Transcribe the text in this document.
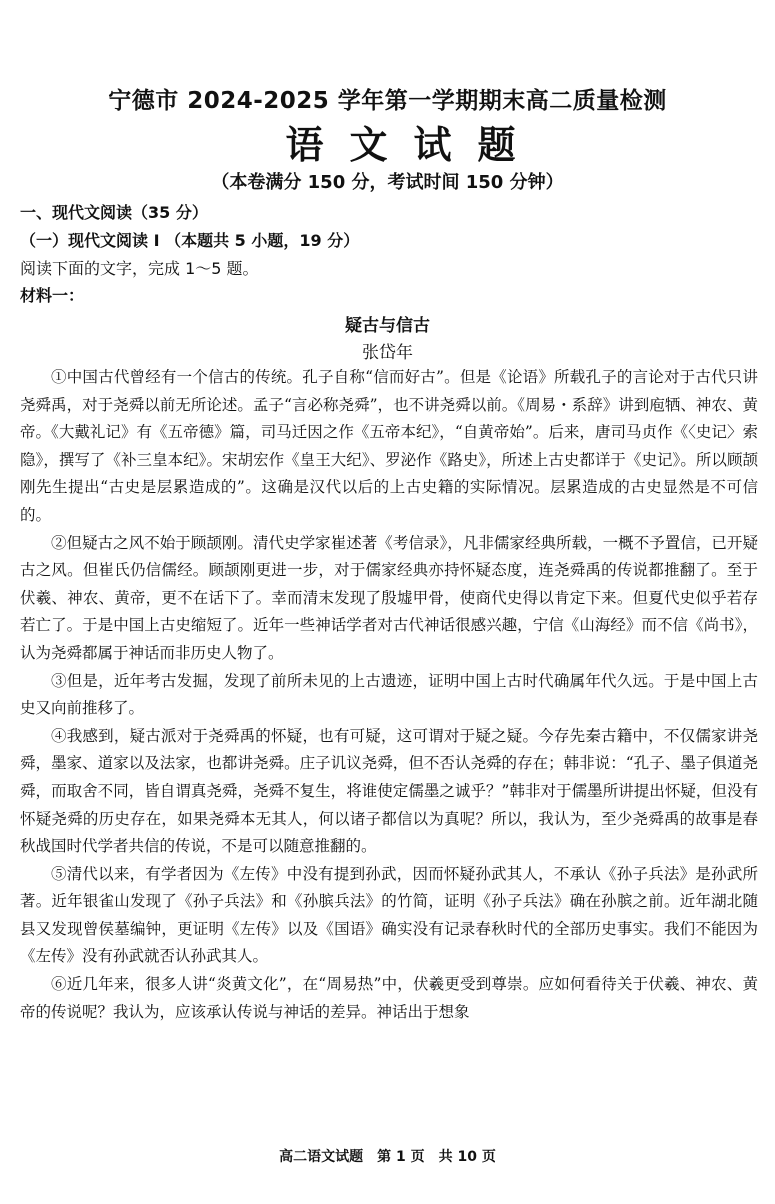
宁德市 2024-2025 学年第一学期期末高二质量检测
语文试题
（本卷满分 150 分，考试时间 150 分钟）
一、现代文阅读（35 分）
（一）现代文阅读 I （本题共 5 小题，19 分）
阅读下面的文字，完成 1～5 题。
材料一：
疑古与信古
张岱年

①中国古代曾经有一个信古的传统。孔子自称“信而好古”。但是《论语》所载孔子的言论对于古代只讲尧舜禹，对于尧舜以前无所论述。孟子“言必称尧舜”，也不讲尧舜以前。《周易・系辞》讲到庖牺、神农、黄帝。《大戴礼记》有《五帝德》篇，司马迁因之作《五帝本纪》，“自黄帝始”。后来，唐司马贞作《〈史记〉索隐》，撰写了《补三皇本纪》。宋胡宏作《皇王大纪》、罗泌作《路史》，所述上古史都详于《史记》。所以顾颉刚先生提出“古史是层累造成的”。这确是汉代以后的上古史籍的实际情况。层累造成的古史显然是不可信的。

②但疑古之风不始于顾颉刚。清代史学家崔述著《考信录》，凡非儒家经典所载，一概不予置信，已开疑古之风。但崔氏仍信儒经。顾颉刚更进一步，对于儒家经典亦持怀疑态度，连尧舜禹的传说都推翻了。至于伏羲、神农、黄帝，更不在话下了。幸而清末发现了殷墟甲骨，使商代史得以肯定下来。但夏代史似乎若存若亡了。于是中国上古史缩短了。近年一些神话学者对古代神话很感兴趣，宁信《山海经》而不信《尚书》，认为尧舜都属于神话而非历史人物了。

③但是，近年考古发掘，发现了前所未见的上古遗迹，证明中国上古时代确属年代久远。于是中国上古史又向前推移了。

④我感到，疑古派对于尧舜禹的怀疑，也有可疑，这可谓对于疑之疑。今存先秦古籍中，不仅儒家讲尧舜，墨家、道家以及法家，也都讲尧舜。庄子讥议尧舜，但不否认尧舜的存在；韩非说：“孔子、墨子俱道尧舜，而取舍不同，皆自谓真尧舜，尧舜不复生，将谁使定儒墨之诚乎？”韩非对于儒墨所讲提出怀疑，但没有怀疑尧舜的历史存在，如果尧舜本无其人，何以诸子都信以为真呢？所以，我认为，至少尧舜禹的故事是春秋战国时代学者共信的传说，不是可以随意推翻的。

⑤清代以来，有学者因为《左传》中没有提到孙武，因而怀疑孙武其人，不承认《孙子兵法》是孙武所著。近年银雀山发现了《孙子兵法》和《孙膑兵法》的竹简，证明《孙子兵法》确在孙膑之前。近年湖北随县又发现曾侯墓编钟，更证明《左传》以及《国语》确实没有记录春秋时代的全部历史事实。我们不能因为《左传》没有孙武就否认孙武其人。

⑥近几年来，很多人讲“炎黄文化”，在“周易热”中，伏羲更受到尊崇。应如何看待关于伏羲、神农、黄帝的传说呢？我认为，应该承认传说与神话的差异。神话出于想象

高二语文试题　第 1 页　共 10 页
